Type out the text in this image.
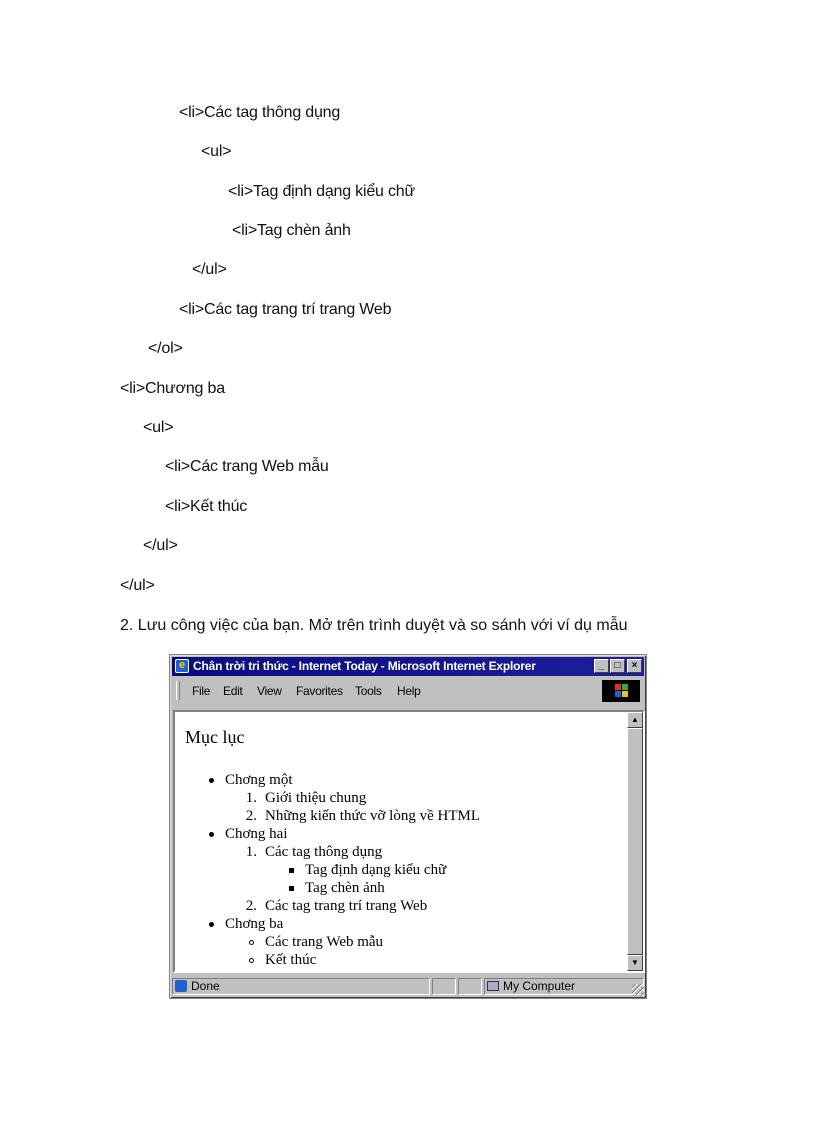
<li>Các tag thông dụng
<ul>
<li>Tag định dạng kiểu chữ
<li>Tag chèn ảnh
</ul>
<li>Các tag trang trí trang Web
</ol>
<li>Chương ba
<ul>
<li>Các trang Web mẫu
<li>Kết thúc
</ul>
</ul>
2. Lưu công việc của bạn. Mở trên trình duyệt và so sánh với ví dụ mẫu
e Chân trời tri thức - Internet Today - Microsoft Internet Explorer	_	□	×
File Edit View Favorites Tools Help
Mục lục
Chơng một
1. Giới thiệu chung
2. Những kiến thức vỡ lòng về HTML
Chơng hai
1. Các tag thông dụng
Tag định dạng kiểu chữ
Tag chèn ảnh
2. Các tag trang trí trang Web
Chơng ba
Các trang Web mẫu
Kết thúc
▲
▼
Done	My Computer
